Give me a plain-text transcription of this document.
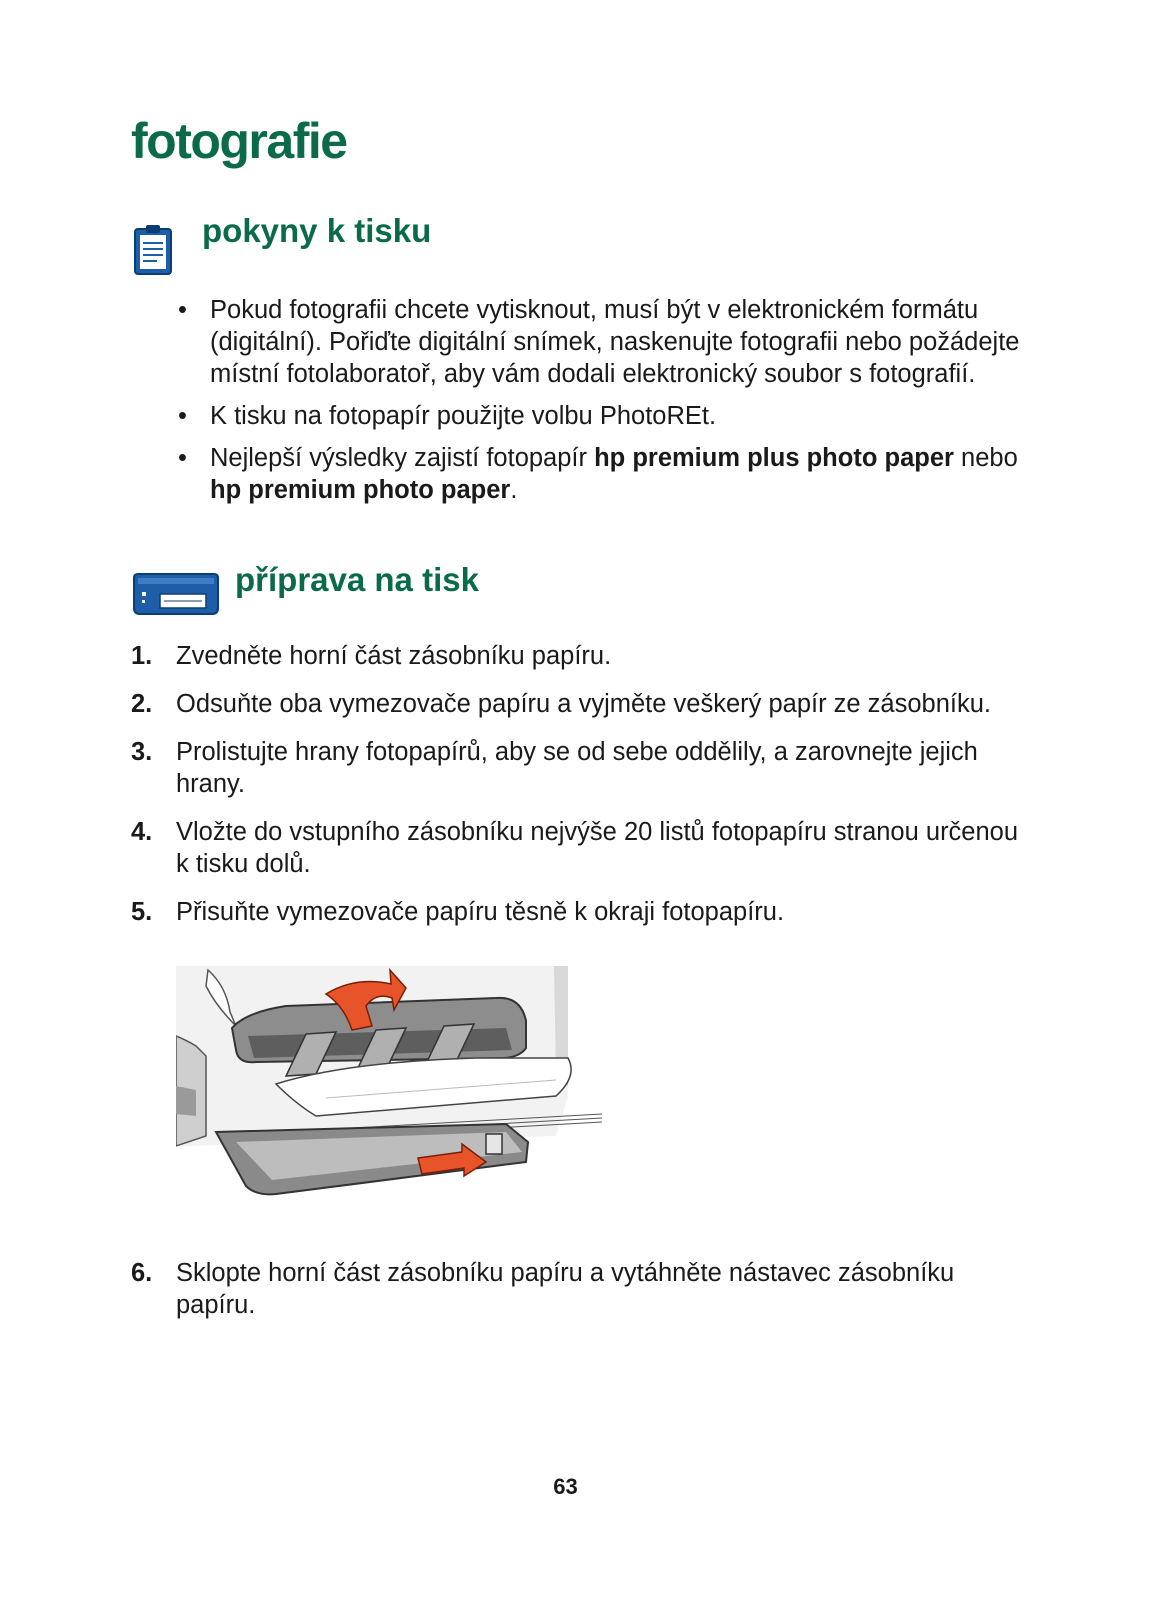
fotografie
pokyny k tisku
• Pokud fotografii chcete vytisknout, musí být v elektronickém formátu (digitální). Pořiďte digitální snímek, naskenujte fotografii nebo požádejte místní fotolaboratoř, aby vám dodali elektronický soubor s fotografií.
• K tisku na fotopapír použijte volbu PhotoREt.
• Nejlepší výsledky zajistí fotopapír hp premium plus photo paper nebo hp premium photo paper.
příprava na tisk
1. Zvedněte horní část zásobníku papíru.
2. Odsuňte oba vymezovače papíru a vyjměte veškerý papír ze zásobníku.
3. Prolistujte hrany fotopapírů, aby se od sebe oddělily, a zarovnejte jejich hrany.
4. Vložte do vstupního zásobníku nejvýše 20 listů fotopapíru stranou určenou k tisku dolů.
5. Přisuňte vymezovače papíru těsně k okraji fotopapíru.
6. Sklopte horní část zásobníku papíru a vytáhněte nástavec zásobníku papíru.
63
